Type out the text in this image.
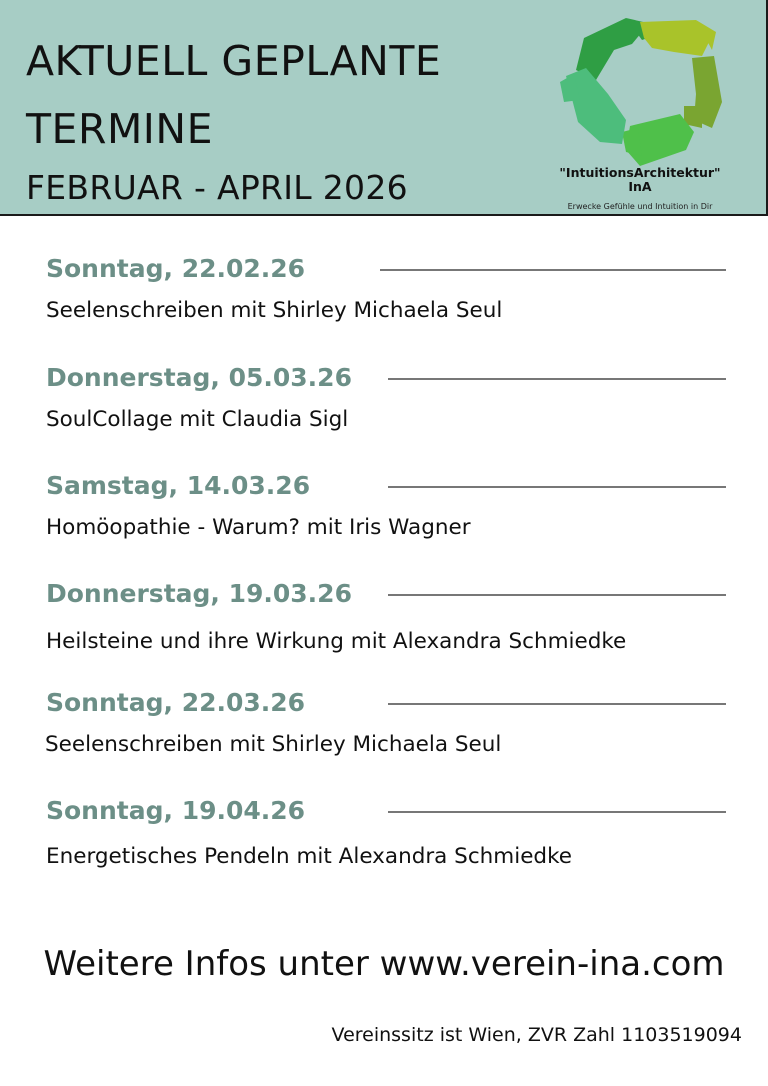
AKTUELL GEPLANTE
TERMINE
FEBRUAR - APRIL 2026	"IntuitionsArchitektur"
InA
Erwecke Gefühle und Intuition in Dir
Sonntag, 22.02.26
Seelenschreiben mit Shirley Michaela Seul
Donnerstag, 05.03.26
SoulCollage mit Claudia Sigl
Samstag, 14.03.26
Homöopathie - Warum? mit Iris Wagner
Donnerstag, 19.03.26
Heilsteine und ihre Wirkung mit Alexandra Schmiedke
Sonntag, 22.03.26
Seelenschreiben mit Shirley Michaela Seul
Sonntag, 19.04.26
Energetisches Pendeln mit Alexandra Schmiedke
Weitere Infos unter www.verein-ina.com
Vereinssitz ist Wien, ZVR Zahl 1103519094
